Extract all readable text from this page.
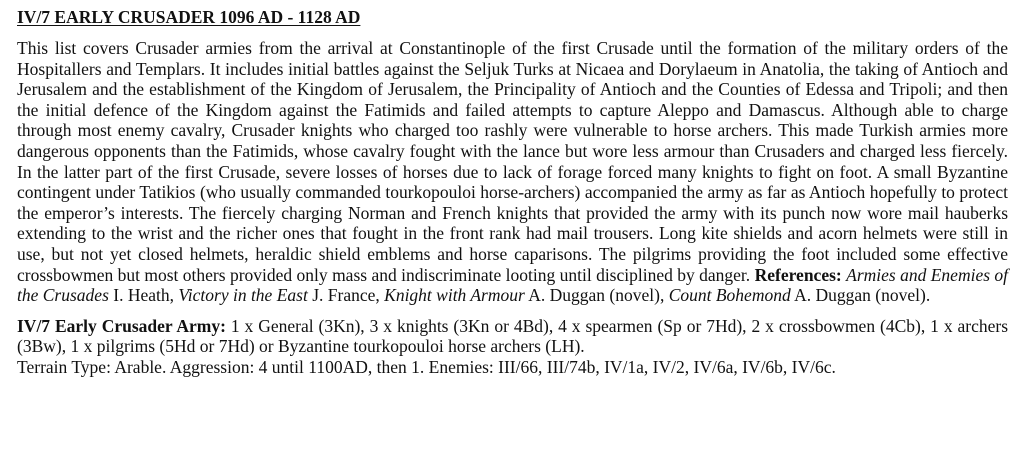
IV/7 EARLY CRUSADER 1096 AD - 1128 AD

This list covers Crusader armies from the arrival at Constantinople of the first Crusade until the formation of the military orders of the Hospitallers and Templars. It includes initial battles against the Seljuk Turks at Nicaea and Dorylaeum in Anatolia, the taking of Antioch and Jerusalem and the establishment of the Kingdom of Jerusalem, the Principality of Antioch and the Counties of Edessa and Tripoli; and then the initial defence of the Kingdom against the Fatimids and failed attempts to capture Aleppo and Damascus. Although able to charge through most enemy cavalry, Crusader knights who charged too rashly were vulnerable to horse archers. This made Turkish armies more dangerous opponents than the Fatimids, whose cavalry fought with the lance but wore less armour than Crusaders and charged less fiercely. In the latter part of the first Crusade, severe losses of horses due to lack of forage forced many knights to fight on foot. A small Byzantine contingent under Tatikios (who usually commanded tourkopouloi horse-archers) accompanied the army as far as Antioch hopefully to protect the emperor’s interests. The fiercely charging Norman and French knights that provided the army with its punch now wore mail hauberks extending to the wrist and the richer ones that fought in the front rank had mail trousers. Long kite shields and acorn helmets were still in use, but not yet closed helmets, heraldic shield emblems and horse caparisons. The pilgrims providing the foot included some effective crossbowmen but most others provided only mass and indiscriminate looting until disciplined by danger. References: Armies and Enemies of the Crusades I. Heath, Victory in the East J. France, Knight with Armour A. Duggan (novel), Count Bohemond A. Duggan (novel).

IV/7 Early Crusader Army: 1 x General (3Kn), 3 x knights (3Kn or 4Bd), 4 x spearmen (Sp or 7Hd), 2 x crossbowmen (4Cb), 1 x archers (3Bw), 1 x pilgrims (5Hd or 7Hd) or Byzantine tourkopouloi horse archers (LH).

Terrain Type: Arable. Aggression: 4 until 1100AD, then 1. Enemies: III/66, III/74b, IV/1a, IV/2, IV/6a, IV/6b, IV/6c.
